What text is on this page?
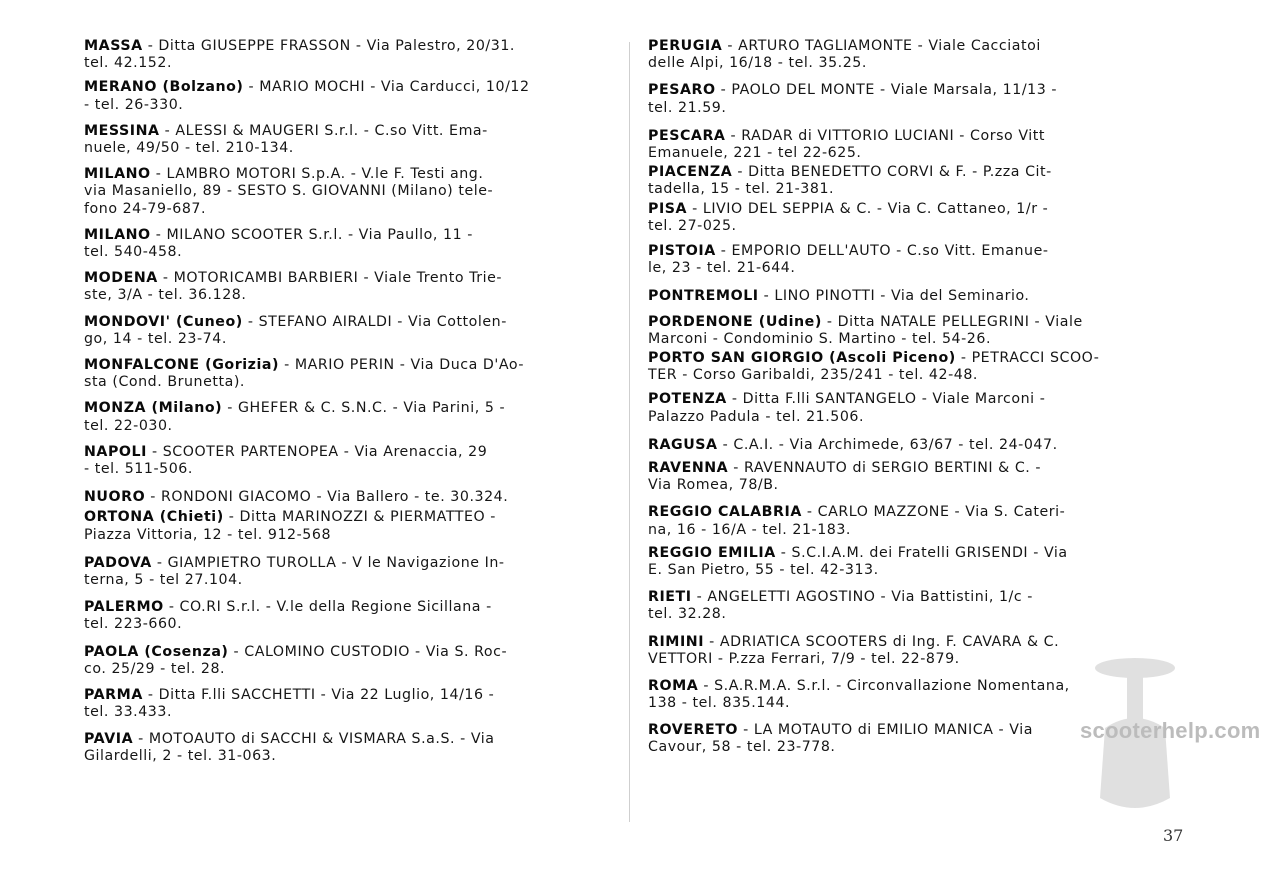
MASSA - Ditta GIUSEPPE FRASSON - Via Palestro, 20/31.
tel. 42.152.
MERANO (Bolzano) - MARIO MOCHI - Via Carducci, 10/12
- tel. 26-330.
MESSINA - ALESSI & MAUGERI S.r.l. - C.so Vitt. Ema-
nuele, 49/50 - tel. 210-134.
MILANO - LAMBRO MOTORI S.p.A. - V.le F. Testi ang.
via Masaniello, 89 - SESTO S. GIOVANNI (Milano) tele-
fono 24-79-687.
MILANO - MILANO SCOOTER S.r.l. - Via Paullo, 11 -
tel. 540-458.
MODENA - MOTORICAMBI BARBIERI - Viale Trento Trie-
ste, 3/A - tel. 36.128.
MONDOVI' (Cuneo) - STEFANO AIRALDI - Via Cottolen-
go, 14 - tel. 23-74.
MONFALCONE (Gorizia) - MARIO PERIN - Via Duca D'Ao-
sta (Cond. Brunetta).
MONZA (Milano) - GHEFER & C. S.N.C. - Via Parini, 5 -
tel. 22-030.
NAPOLI - SCOOTER PARTENOPEA - Via Arenaccia, 29
- tel. 511-506.
NUORO - RONDONI GIACOMO - Via Ballero - te. 30.324.
ORTONA (Chieti) - Ditta MARINOZZI & PIERMATTEO -
Piazza Vittoria, 12 - tel. 912-568
PADOVA - GIAMPIETRO TUROLLA - V le Navigazione In-
terna, 5 - tel 27.104.
PALERMO - CO.RI S.r.l. - V.le della Regione Sicillana -
tel. 223-660.
PAOLA (Cosenza) - CALOMINO CUSTODIO - Via S. Roc-
co. 25/29 - tel. 28.
PARMA - Ditta F.lli SACCHETTI - Via 22 Luglio, 14/16 -
tel. 33.433.
PAVIA - MOTOAUTO di SACCHI & VISMARA S.a.S. - Via
Gilardelli, 2 - tel. 31-063.
PERUGIA - ARTURO TAGLIAMONTE - Viale Cacciatoi
delle Alpi, 16/18 - tel. 35.25.
PESARO - PAOLO DEL MONTE - Viale Marsala, 11/13 -
tel. 21.59.
PESCARA - RADAR di VITTORIO LUCIANI - Corso Vitt
Emanuele, 221 - tel 22-625.
PIACENZA - Ditta BENEDETTO CORVI & F. - P.zza Cit-
tadella, 15 - tel. 21-381.
PISA - LIVIO DEL SEPPIA & C. - Via C. Cattaneo, 1/r -
tel. 27-025.
PISTOIA - EMPORIO DELL'AUTO - C.so Vitt. Emanue-
le, 23 - tel. 21-644.
PONTREMOLI - LINO PINOTTI - Via del Seminario.
PORDENONE (Udine) - Ditta NATALE PELLEGRINI - Viale
Marconi - Condominio S. Martino - tel. 54-26.
PORTO SAN GIORGIO (Ascoli Piceno) - PETRACCI SCOO-
TER - Corso Garibaldi, 235/241 - tel. 42-48.
POTENZA - Ditta F.lli SANTANGELO - Viale Marconi -
Palazzo Padula - tel. 21.506.
RAGUSA - C.A.I. - Via Archimede, 63/67 - tel. 24-047.
RAVENNA - RAVENNAUTO di SERGIO BERTINI & C. -
Via Romea, 78/B.
REGGIO CALABRIA - CARLO MAZZONE - Via S. Cateri-
na, 16 - 16/A - tel. 21-183.
REGGIO EMILIA - S.C.I.A.M. dei Fratelli GRISENDI - Via
E. San Pietro, 55 - tel. 42-313.
RIETI - ANGELETTI AGOSTINO - Via Battistini, 1/c -
tel. 32.28.
RIMINI - ADRIATICA SCOOTERS di Ing. F. CAVARA & C.
VETTORI - P.zza Ferrari, 7/9 - tel. 22-879.
ROMA - S.A.R.M.A. S.r.l. - Circonvallazione Nomentana,
138 - tel. 835.144.
ROVERETO - LA MOTAUTO di EMILIO MANICA - Via
Cavour, 58 - tel. 23-778.
scooterhelp.com
37
